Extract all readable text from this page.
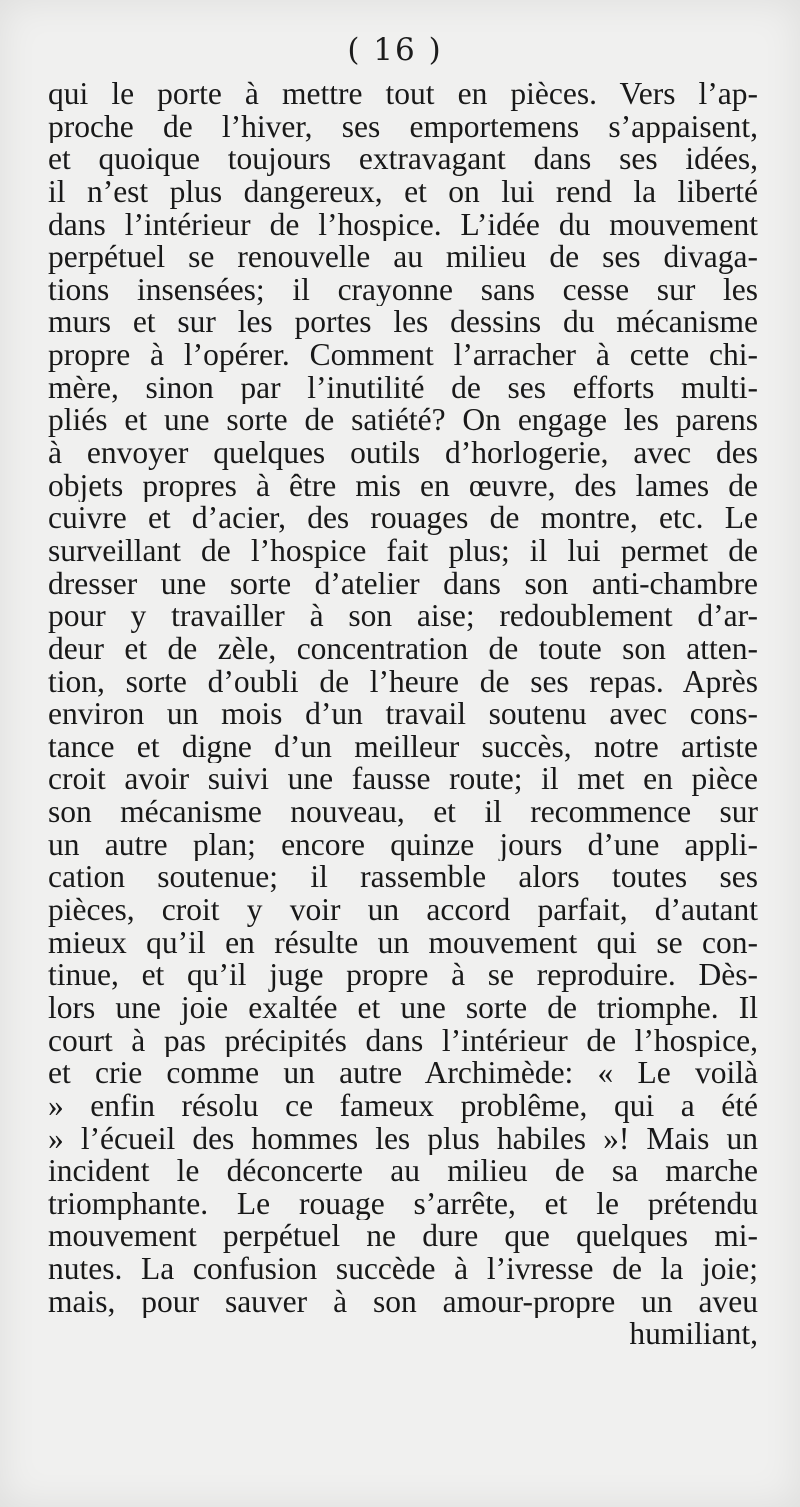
( 16 )
qui le porte à mettre tout en pièces. Vers l’ap-
proche de l’hiver, ses emportemens s’appaisent,
et quoique toujours extravagant dans ses idées,
il n’est plus dangereux, et on lui rend la liberté
dans l’intérieur de l’hospice. L’idée du mouvement
perpétuel se renouvelle au milieu de ses divaga-
tions insensées; il crayonne sans cesse sur les
murs et sur les portes les dessins du mécanisme
propre à l’opérer. Comment l’arracher à cette chi-
mère, sinon par l’inutilité de ses efforts multi-
pliés et une sorte de satiété? On engage les parens
à envoyer quelques outils d’horlogerie, avec des
objets propres à être mis en œuvre, des lames de
cuivre et d’acier, des rouages de montre, etc. Le
surveillant de l’hospice fait plus; il lui permet de
dresser une sorte d’atelier dans son anti-chambre
pour y travailler à son aise; redoublement d’ar-
deur et de zèle, concentration de toute son atten-
tion, sorte d’oubli de l’heure de ses repas. Après
environ un mois d’un travail soutenu avec cons-
tance et digne d’un meilleur succès, notre artiste
croit avoir suivi une fausse route; il met en pièce
son mécanisme nouveau, et il recommence sur
un autre plan; encore quinze jours d’une appli-
cation soutenue; il rassemble alors toutes ses
pièces, croit y voir un accord parfait, d’autant
mieux qu’il en résulte un mouvement qui se con-
tinue, et qu’il juge propre à se reproduire. Dès-
lors une joie exaltée et une sorte de triomphe. Il
court à pas précipités dans l’intérieur de l’hospice,
et crie comme un autre Archimède: « Le voilà
» enfin résolu ce fameux problême, qui a été
» l’écueil des hommes les plus habiles »! Mais un
incident le déconcerte au milieu de sa marche
triomphante. Le rouage s’arrête, et le prétendu
mouvement perpétuel ne dure que quelques mi-
nutes. La confusion succède à l’ivresse de la joie;
mais, pour sauver à son amour-propre un aveu
humiliant,
